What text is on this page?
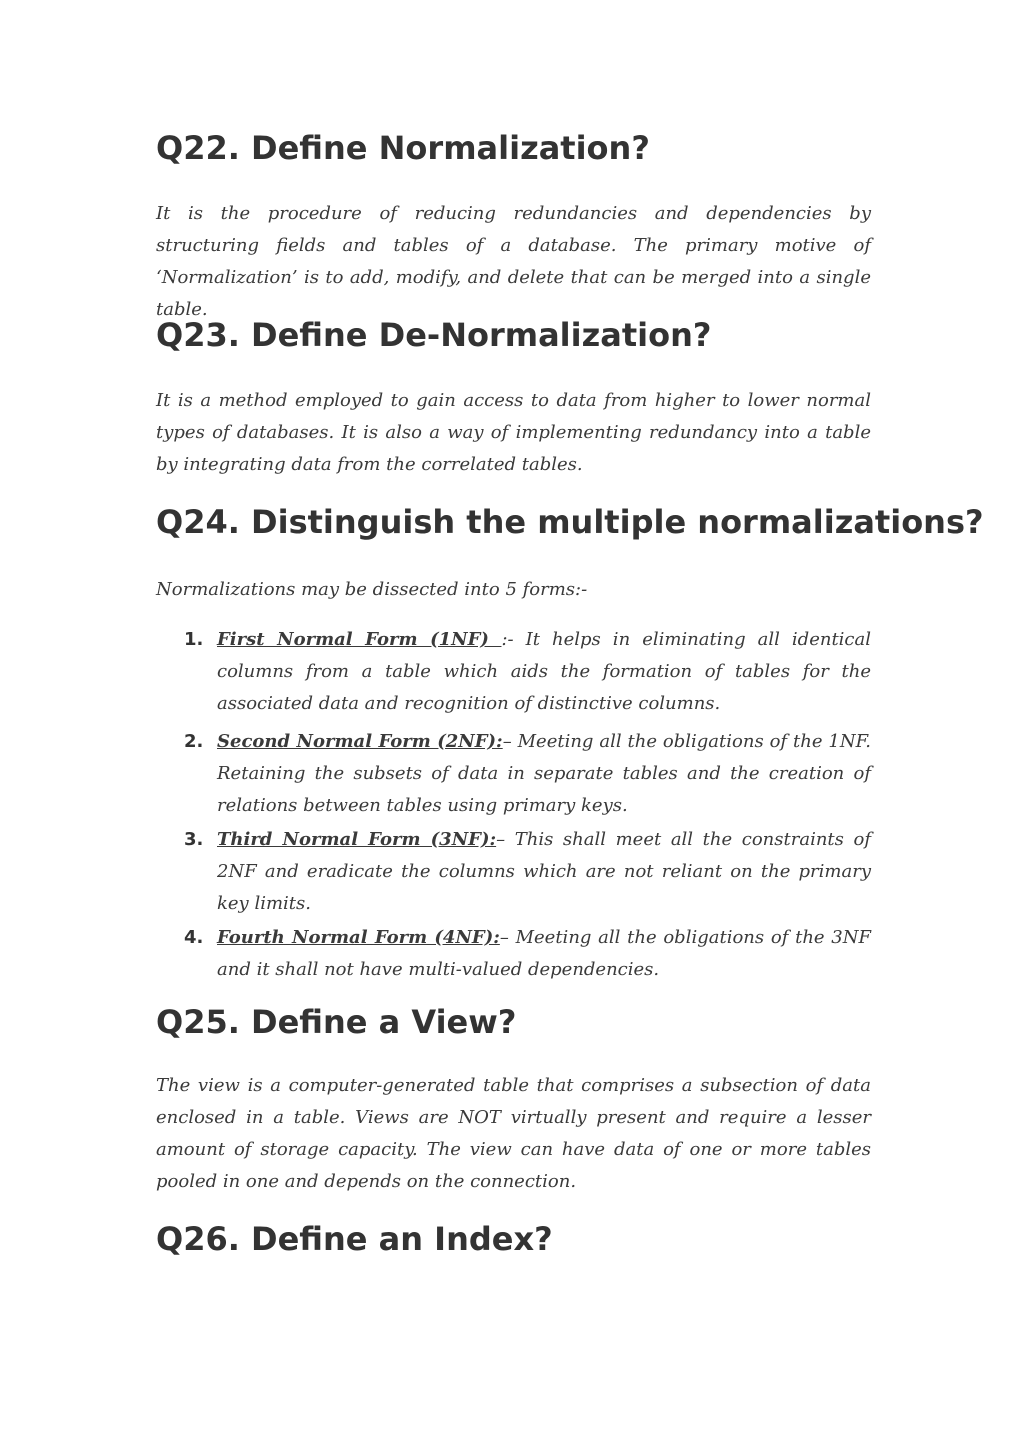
Q22. Define Normalization?

It is the procedure of reducing redundancies and dependencies by structuring fields and tables of a database. The primary motive of ‘Normalization’ is to add, modify, and delete that can be merged into a single table.

Q23. Define De-Normalization?

It is a method employed to gain access to data from higher to lower normal types of databases. It is also a way of implementing redundancy into a table by integrating data from the correlated tables.

Q24. Distinguish the multiple normalizations?

Normalizations may be dissected into 5 forms:-

1. First Normal Form (1NF) :- It helps in eliminating all identical columns from a table which aids the formation of tables for the associated data and recognition of distinctive columns.
2. Second Normal Form (2NF):– Meeting all the obligations of the 1NF. Retaining the subsets of data in separate tables and the creation of relations between tables using primary keys.
3. Third Normal Form (3NF):– This shall meet all the constraints of 2NF and eradicate the columns which are not reliant on the primary key limits.
4. Fourth Normal Form (4NF):– Meeting all the obligations of the 3NF and it shall not have multi-valued dependencies.
Q25. Define a View?

The view is a computer-generated table that comprises a subsection of data enclosed in a table. Views are NOT virtually present and require a lesser amount of storage capacity. The view can have data of one or more tables pooled in one and depends on the connection.

Q26. Define an Index?
